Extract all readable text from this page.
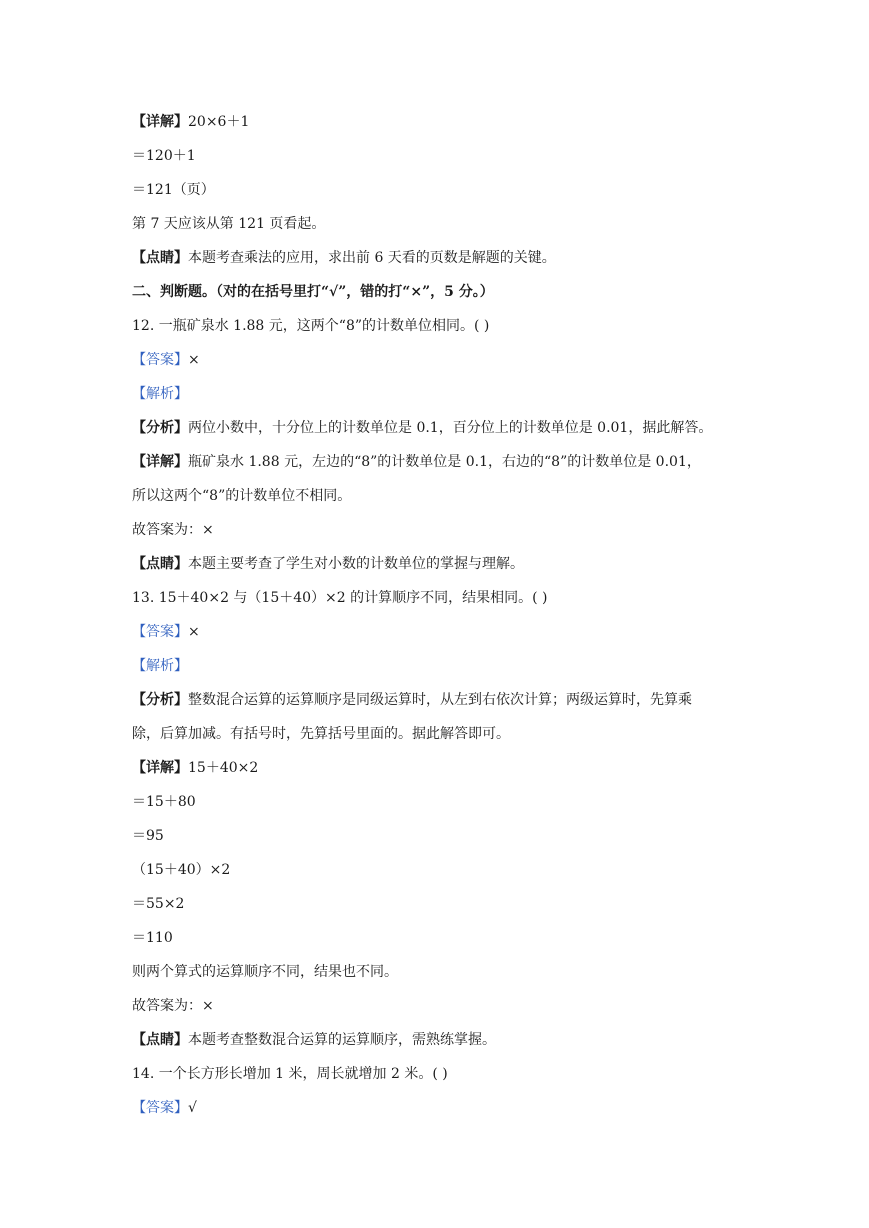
【详解】20×6＋1
＝120＋1
＝121（页）
第 7 天应该从第 121 页看起。
【点睛】本题考查乘法的应用，求出前 6 天看的页数是解题的关键。
二、判断题。（对的在括号里打“√”，错的打“×”，5 分。）
12. 一瓶矿泉水 1.88 元，这两个“8”的计数单位相同。( )
【答案】×
【解析】
【分析】两位小数中，十分位上的计数单位是 0.1，百分位上的计数单位是 0.01，据此解答。
【详解】瓶矿泉水 1.88 元，左边的“8”的计数单位是 0.1，右边的“8”的计数单位是 0.01，
所以这两个“8”的计数单位不相同。
故答案为：×
【点睛】本题主要考查了学生对小数的计数单位的掌握与理解。
13. 15＋40×2 与（15＋40）×2 的计算顺序不同，结果相同。( )
【答案】×
【解析】
【分析】整数混合运算的运算顺序是同级运算时，从左到右依次计算；两级运算时，先算乘
除，后算加减。有括号时，先算括号里面的。据此解答即可。
【详解】15＋40×2
＝15＋80
＝95
（15＋40）×2
＝55×2
＝110
则两个算式的运算顺序不同，结果也不同。
故答案为：×
【点睛】本题考查整数混合运算的运算顺序，需熟练掌握。
14. 一个长方形长增加 1 米，周长就增加 2 米。( )
【答案】√
